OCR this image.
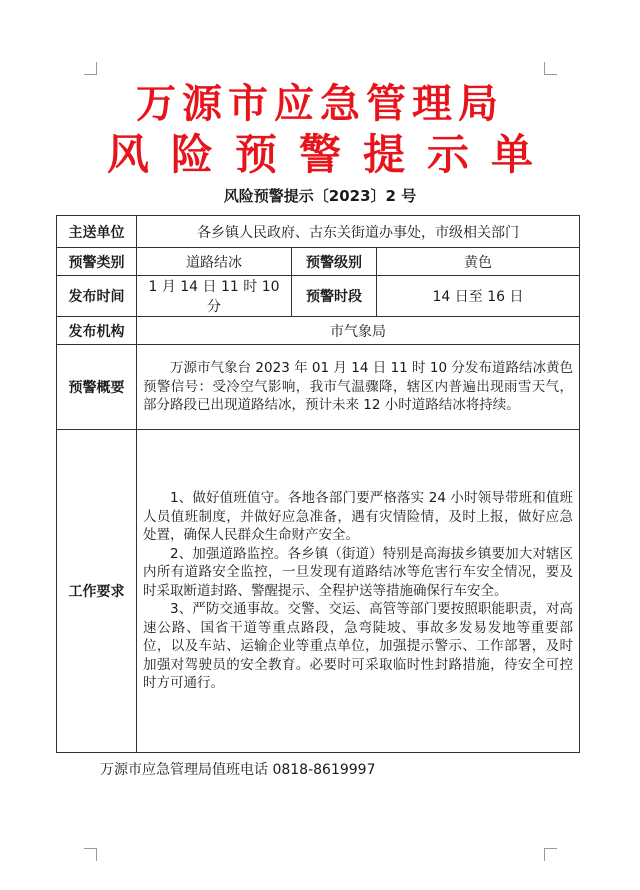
万源市应急管理局
风险预警提示单
风险预警提示〔2023〕2 号
主送单位	各乡镇人民政府、古东关街道办事处，市级相关部门		
预警类别	道路结冰	预警级别	黄色
发布时间	1 月 14 日 11 时 10 分	预警时段	14 日至 16 日
发布机构	市气象局		
预警概要	万源市气象台 2023 年 01 月 14 日 11 时 10 分发布道路结冰黄色预警信号：受冷空气影响，我市气温骤降，辖区内普遍出现雨雪天气，部分路段已出现道路结冰，预计未来 12 小时道路结冰将持续。		

工作要求	1、做好值班值守。各地各部门要严格落实 24 小时领导带班和值班人员值班制度，并做好应急准备，遇有灾情险情，及时上报，做好应急处置，确保人民群众生命财产安全。

2、加强道路监控。各乡镇（街道）特别是高海拔乡镇要加大对辖区内所有道路安全监控，一旦发现有道路结冰等危害行车安全情况，要及时采取断道封路、警醒提示、全程护送等措施确保行车安全。

3、严防交通事故。交警、交运、高管等部门要按照职能职责，对高速公路、国省干道等重点路段，急弯陡坡、事故多发易发地等重要部位，以及车站、运输企业等重点单位，加强提示警示、工作部署，及时加强对驾驶员的安全教育。必要时可采取临时性封路措施，待安全可控时方可通行。		

万源市应急管理局值班电话 0818-8619997
